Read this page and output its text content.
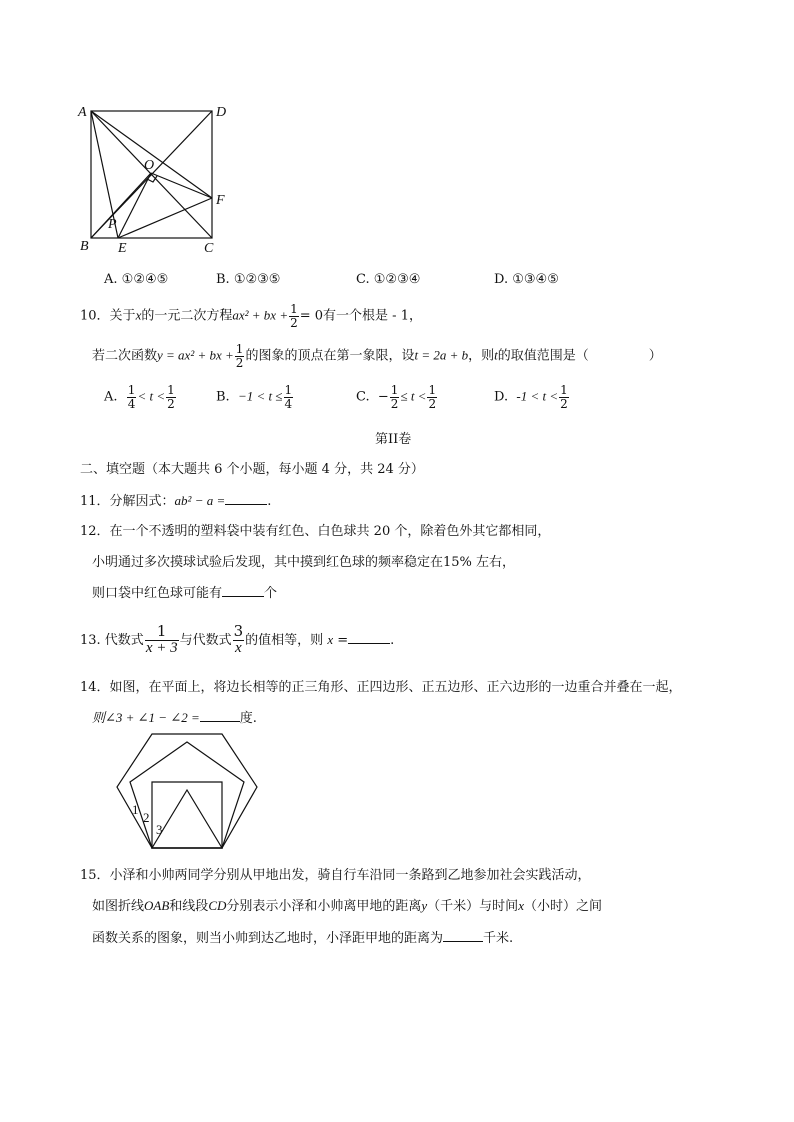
A	D
O
F
P
B E	C
A. ①②④⑤	B. ①②③⑤	C. ①②③④	D. ①③④⑤
10．关于x的一元二次方程ax² + bx + $\frac{1}{2} = 0$有一个根是 - 1，
若二次函数y = ax² + bx + $\frac{1}{2}$ 的图象的顶点在第一象限，设t = 2a + b，则t的取值范围是（	）
A. $\frac{1}{4} < t < \frac{1}{2}$	B. $-1 < t \le \frac{1}{4}$	C. − $\frac{1}{2} \le t < \frac{1}{2}$	D. $-1 < t < \frac{1}{2}$
第II卷
二、填空题（本大题共 6 个小题，每小题 4 分，共 24 分）
11．分解因式：ab² − a =	.
12．在一个不透明的塑料袋中装有红色、白色球共 20 个，除着色外其它都相同，
小明通过多次摸球试验后发现，其中摸到红色球的频率稳定在15% 左右，
则口袋中红色球可能有	个
13. 代数式 $\frac{1}{x + 3}$ 与代数式 $\frac{3}{x}$ 的值相等，则 x =	.
14．如图，在平面上，将边长相等的正三角形、正四边形、正五边形、正六边形的一边重合并叠在一起，
则∠3 + ∠1 − ∠2 =	度.
1
2
3
15．小泽和小帅两同学分别从甲地出发，骑自行车沿同一条路到乙地参加社会实践活动，
如图折线OAB和线段CD分别表示小泽和小帅离甲地的距离y（千米）与时间x（小时）之间
函数关系的图象，则当小帅到达乙地时，小泽距甲地的距离为	千米.
